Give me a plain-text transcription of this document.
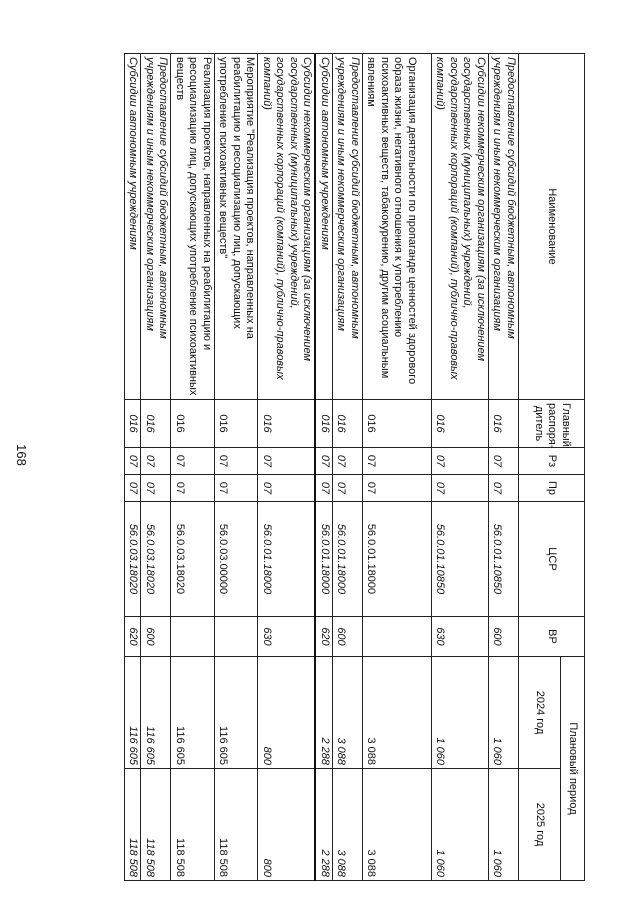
168
Наименование	Главный распоря-дитель	Рз	Пр	ЦСР	ВР	Плановый период	
						2024 год	2025 год
Предоставление субсидий бюджетным, автономным учреждениям и иным некоммерческим организациям	016	07	07	56.0.01.10850	600	1 060	1 060
Субсидии некоммерческим организациям (за исключением государственных (муниципальных) учреждений, государственных корпораций (компаний), публично-правовых компаний)	016	07	07	56.0.01.10850	630	1 060	1 060
Организация деятельности по пропаганде ценностей здорового образа жизни, негативного отношения к употреблению психоактивных веществ, табакокурению, другим асоциальным явлениям	016	07	07	56.0.01.18000		3 088	3 088
Предоставление субсидий бюджетным, автономным учреждениям и иным некоммерческим организациям	016	07	07	56.0.01.18000	600	3 088	3 088
Субсидии автономным учреждениям	016	07	07	56.0.01.18000	620	2 288	2 288
Субсидии некоммерческим организациям (за исключением государственных (муниципальных) учреждений, государственных корпораций (компаний), публично-правовых компаний)	016	07	07	56.0.01.18000	630	800	800
Мероприятие "Реализация проектов, направленных на реабилитацию и ресоциализацию лиц, допускающих употребление психоактивных веществ"	016	07	07	56.0.03.00000		116 605	118 508
Реализация проектов, направленных на реабилитацию и ресоциализацию лиц, допускающих употребление психоактивных веществ	016	07	07	56.0.03.18020		116 605	118 508
Предоставление субсидий бюджетным, автономным учреждениям и иным некоммерческим организациям	016	07	07	56.0.03.18020	600	116 605	118 508
Субсидии автономным учреждениям	016	07	07	56.0.03.18020	620	116 605	118 508
